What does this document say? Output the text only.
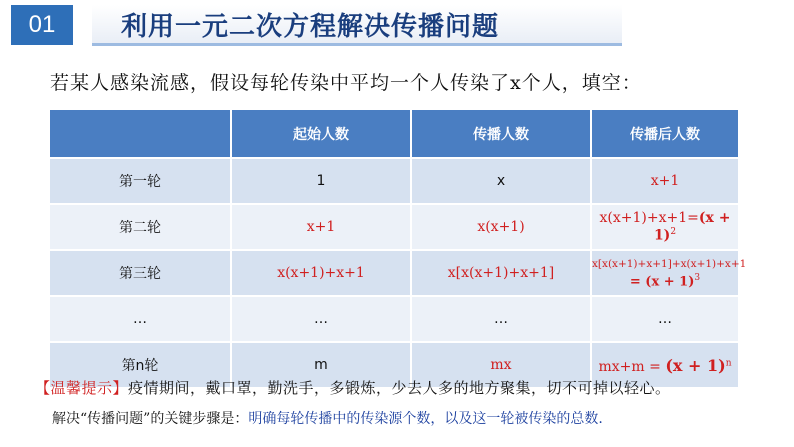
01	利用一元二次方程解决传播问题
若某人感染流感，假设每轮传染中平均一个人传染了x个人，填空：
	起始人数	传播人数	传播后人数
第一轮	1	x	x+1
第二轮	x+1	x(x+1)	$x(x+1)+x+1=(x + 1)^2$
第三轮	x(x+1)+x+1	x[x(x+1)+x+1]	x[x(x+1)+x+1]+x(x+1)+x+1
= $(x + 1)^3$

…	…	…	…
第n轮	m	mx	$mx+m = (x + 1)^n$
【温馨提示】疫情期间，戴口罩，勤洗手，多锻炼，少去人多的地方聚集，切不可掉以轻心。
解决“传播问题”的关键步骤是：明确每轮传播中的传染源个数，以及这一轮被传染的总数.
